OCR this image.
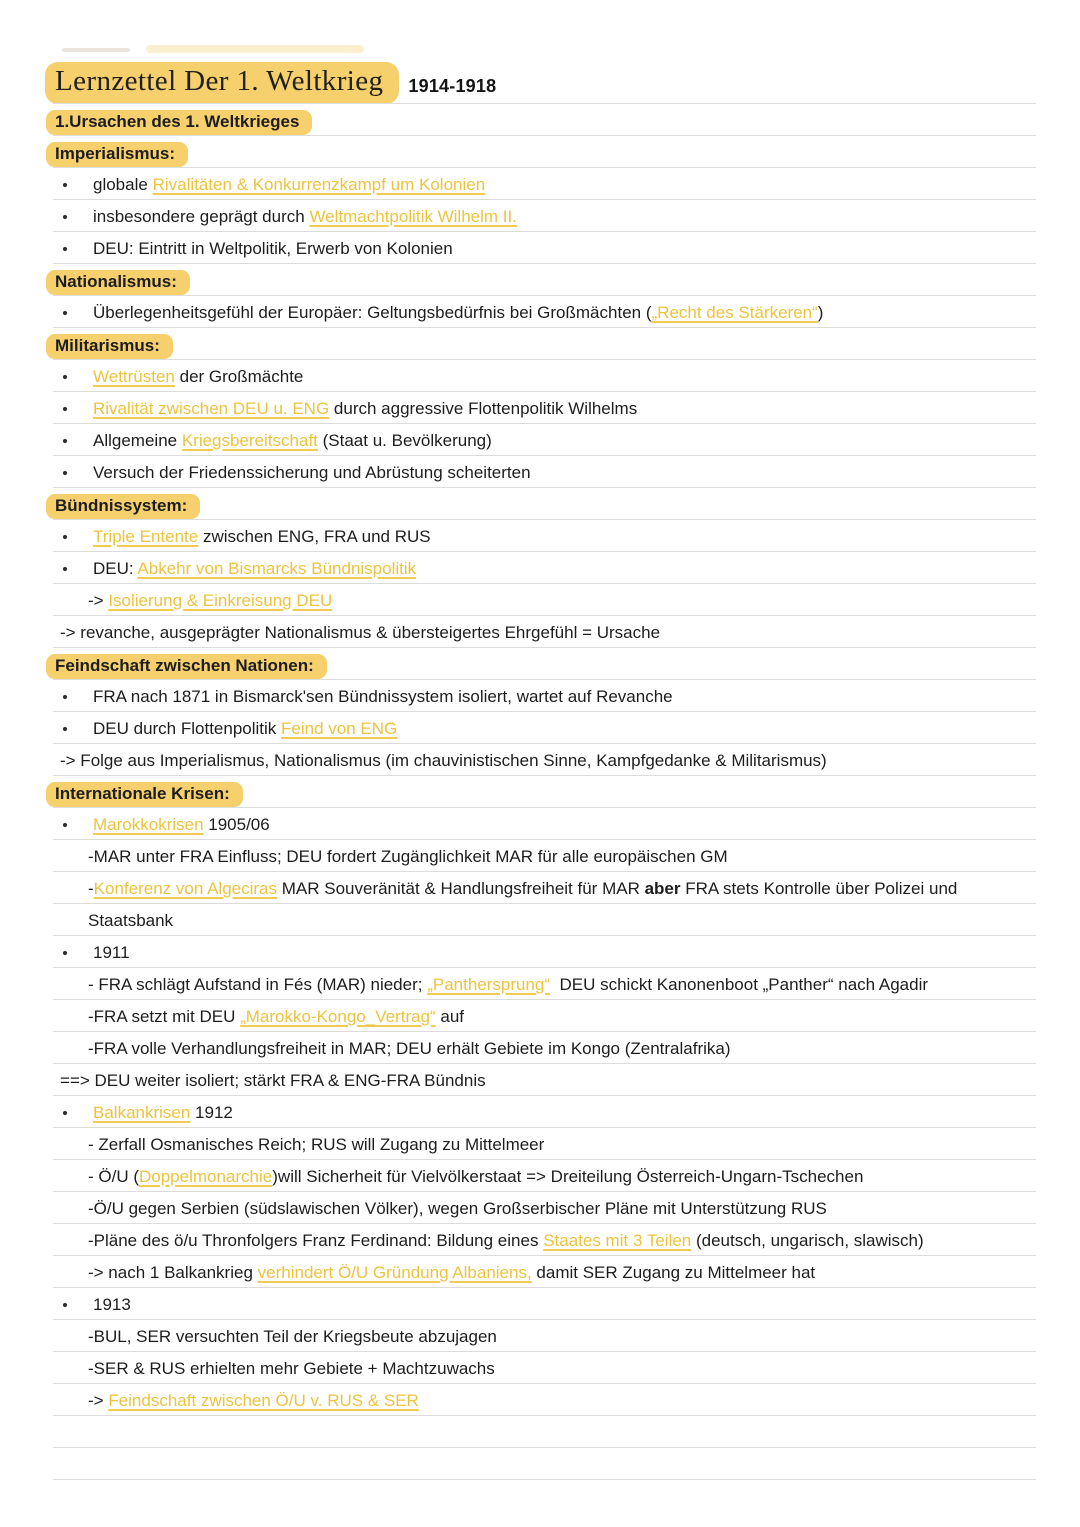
Lernzettel Der 1. Weltkrieg	1914-1918
1.Ursachen des 1. Weltkrieges
Imperialismus:
globale Rivalitäten & Konkurrenzkampf um Kolonien
insbesondere geprägt durch Weltmachtpolitik Wilhelm II.
DEU: Eintritt in Weltpolitik, Erwerb von Kolonien
Nationalismus:
Überlegenheitsgefühl der Europäer: Geltungsbedürfnis bei Großmächten („Recht des Stärkeren“)
Militarismus:
Wettrüsten der Großmächte
Rivalität zwischen DEU u. ENG durch aggressive Flottenpolitik Wilhelms
Allgemeine Kriegsbereitschaft (Staat u. Bevölkerung)
Versuch der Friedenssicherung und Abrüstung scheiterten
Bündnissystem:
Triple Entente zwischen ENG, FRA und RUS
DEU: Abkehr von Bismarcks Bündnispolitik
-> Isolierung & Einkreisung DEU
-> revanche, ausgeprägter Nationalismus & übersteigertes Ehrgefühl = Ursache
Feindschaft zwischen Nationen:
FRA nach 1871 in Bismarck'sen Bündnissystem isoliert, wartet auf Revanche
DEU durch Flottenpolitik Feind von ENG
-> Folge aus Imperialismus, Nationalismus (im chauvinistischen Sinne, Kampfgedanke & Militarismus)
Internationale Krisen:
Marokkokrisen 1905/06
-MAR unter FRA Einfluss; DEU fordert Zugänglichkeit MAR für alle europäischen GM
-Konferenz von Algeciras MAR Souveränität & Handlungsfreiheit für MAR aber FRA stets Kontrolle über Polizei und
Staatsbank
1911
- FRA schlägt Aufstand in Fés (MAR) nieder; „Panthersprung“  DEU schickt Kanonenboot „Panther“ nach Agadir
-FRA setzt mit DEU „Marokko-Kongo_Vertrag“ auf
-FRA volle Verhandlungsfreiheit in MAR; DEU erhält Gebiete im Kongo (Zentralafrika)
==> DEU weiter isoliert; stärkt FRA & ENG-FRA Bündnis
Balkankrisen 1912
- Zerfall Osmanisches Reich; RUS will Zugang zu Mittelmeer
- Ö/U (Doppelmonarchie)will Sicherheit für Vielvölkerstaat => Dreiteilung Österreich-Ungarn-Tschechen
-Ö/U gegen Serbien (südslawischen Völker), wegen Großserbischer Pläne mit Unterstützung RUS
-Pläne des ö/u Thronfolgers Franz Ferdinand: Bildung eines Staates mit 3 Teilen (deutsch, ungarisch, slawisch)
-> nach 1 Balkankrieg verhindert Ö/U Gründung Albaniens, damit SER Zugang zu Mittelmeer hat
1913
-BUL, SER versuchten Teil der Kriegsbeute abzujagen
-SER & RUS erhielten mehr Gebiete + Machtzuwachs
-> Feindschaft zwischen Ö/U v. RUS & SER
